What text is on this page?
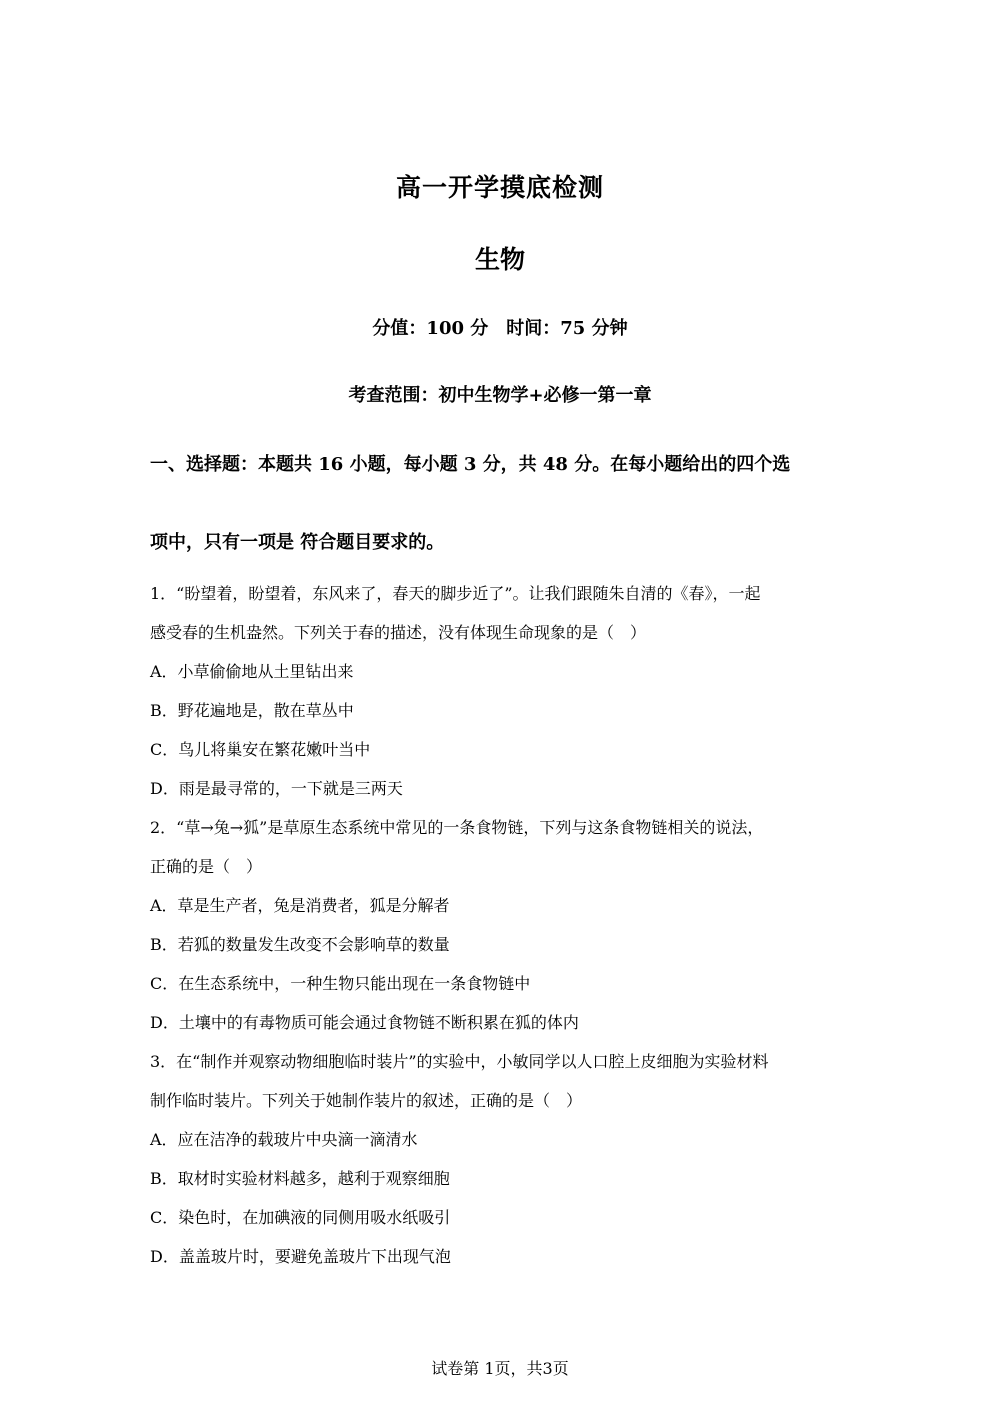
高一开学摸底检测
生物
分值：100 分　时间：75 分钟
考查范围：初中生物学+必修一第一章
一、选择题：本题共 16 小题，每小题 3 分，共 48 分。在每小题给出的四个选
项中，只有一项是 符合题目要求的。
1．“盼望着，盼望着，东风来了，春天的脚步近了”。让我们跟随朱自清的《春》，一起
感受春的生机盎然。下列关于春的描述，没有体现生命现象的是（　）
A．小草偷偷地从土里钻出来
B．野花遍地是，散在草丛中
C．鸟儿将巢安在繁花嫩叶当中
D．雨是最寻常的，一下就是三两天
2．“草→兔→狐”是草原生态系统中常见的一条食物链，下列与这条食物链相关的说法，
正确的是（　）
A．草是生产者，兔是消费者，狐是分解者
B．若狐的数量发生改变不会影响草的数量
C．在生态系统中，一种生物只能出现在一条食物链中
D．土壤中的有毒物质可能会通过食物链不断积累在狐的体内
3．在“制作并观察动物细胞临时装片”的实验中，小敏同学以人口腔上皮细胞为实验材料
制作临时装片。下列关于她制作装片的叙述，正确的是（　）
A．应在洁净的载玻片中央滴一滴清水
B．取材时实验材料越多，越利于观察细胞
C．染色时，在加碘液的同侧用吸水纸吸引
D．盖盖玻片时，要避免盖玻片下出现气泡
试卷第 1页，共3页
